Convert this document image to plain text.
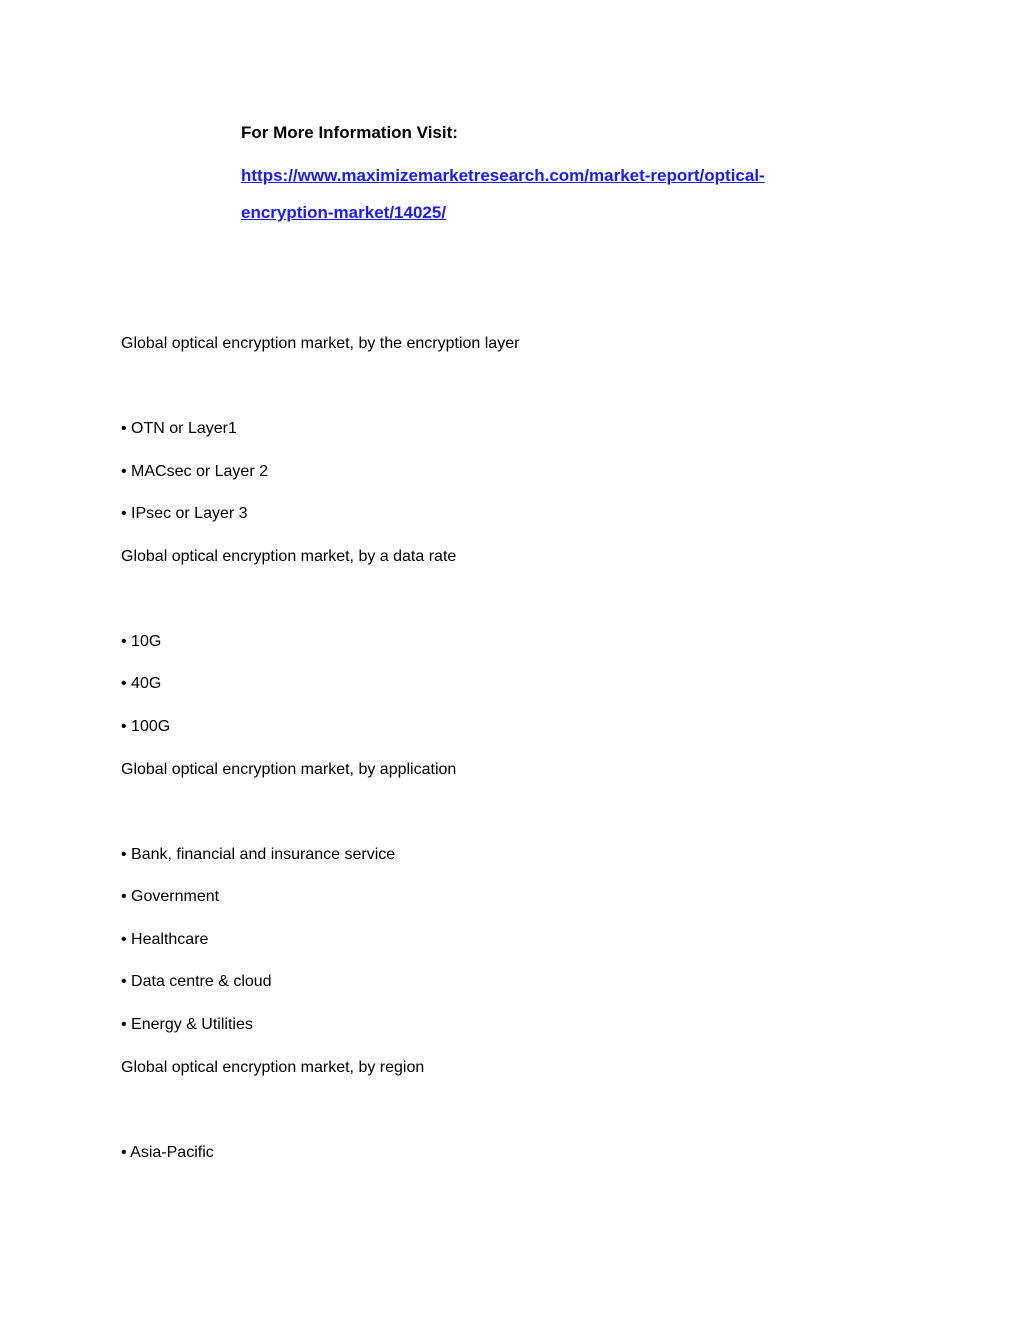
For More Information Visit:

https://www.maximizemarketresearch.com/market-report/optical-
encryption-market/14025/
Global optical encryption market, by the encryption layer
• OTN or Layer1
• MACsec or Layer 2
• IPsec or Layer 3
Global optical encryption market, by a data rate
• 10G
• 40G
• 100G
Global optical encryption market, by application
• Bank, financial and insurance service
• Government
• Healthcare
• Data centre & cloud
• Energy & Utilities
Global optical encryption market, by region
• Asia-Pacific
